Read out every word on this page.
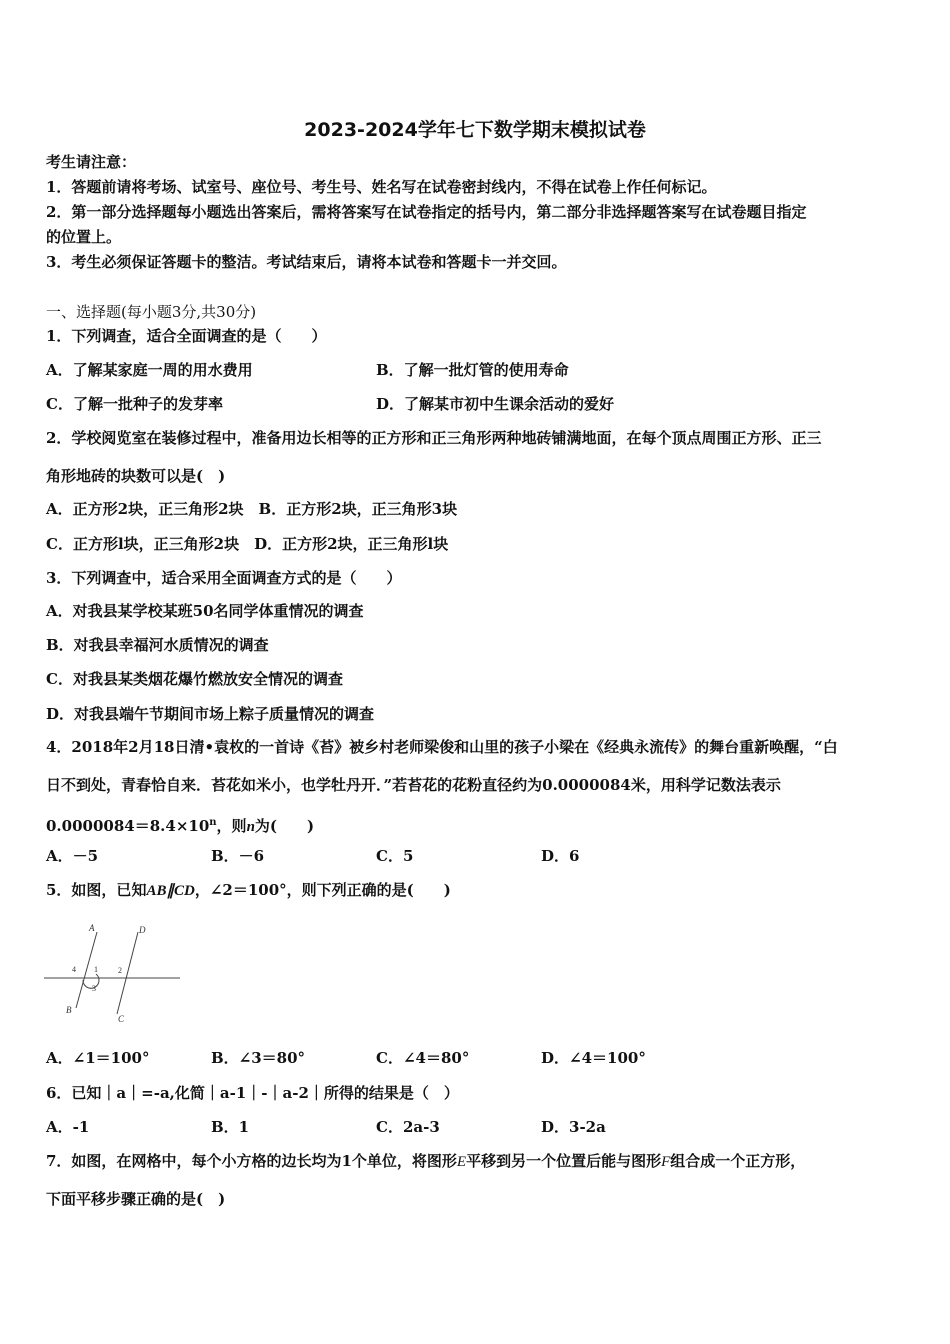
2023-2024学年七下数学期末模拟试卷
考生请注意：
1．答题前请将考场、试室号、座位号、考生号、姓名写在试卷密封线内，不得在试卷上作任何标记。
2．第一部分选择题每小题选出答案后，需将答案写在试卷指定的括号内，第二部分非选择题答案写在试卷题目指定
的位置上。
3．考生必须保证答题卡的整洁。考试结束后，请将本试卷和答题卡一并交回。
一、选择题(每小题3分,共30分)
1．下列调查，适合全面调查的是（　　）
A．了解某家庭一周的用水费用	B．了解一批灯管的使用寿命
C．了解一批种子的发芽率	D．了解某市初中生课余活动的爱好
2．学校阅览室在装修过程中，准备用边长相等的正方形和正三角形两种地砖铺满地面，在每个顶点周围正方形、正三
角形地砖的块数可以是(　)
A．正方形2块，正三角形2块　B．正方形2块，正三角形3块
C．正方形l块，正三角形2块　D．正方形2块，正三角形l块
3．下列调查中，适合采用全面调查方式的是（　　）
A．对我县某学校某班50名同学体重情况的调查
B．对我县幸福河水质情况的调查
C．对我县某类烟花爆竹燃放安全情况的调查
D．对我县端午节期间市场上粽子质量情况的调查
4．2018年2月18日清•袁枚的一首诗《苔》被乡村老师梁俊和山里的孩子小梁在《经典永流传》的舞台重新唤醒，“白
日不到处，青春恰自来．苔花如米小，也学牡丹开．”若苔花的花粉直径约为0.0000084米，用科学记数法表示
$0.0000084=8.4\times 10^n$，则n为(　　)
A．－5	B．－6	C．5	D．6
5．如图，已知AB∥CD，∠2＝100°，则下列正确的是(　　)
A	D
4 1	2
3
B
C
A．∠1＝100°	B．∠3＝80°	C．∠4＝80°	D．∠4＝100°
6．已知｜a｜=-a,化简｜a-1｜-｜a-2｜所得的结果是（　）
A．-1	B．1	C．2a-3	D．3-2a
7．如图，在网格中，每个小方格的边长均为1个单位，将图形E平移到另一个位置后能与图形F组合成一个正方形，
下面平移步骤正确的是(　)
